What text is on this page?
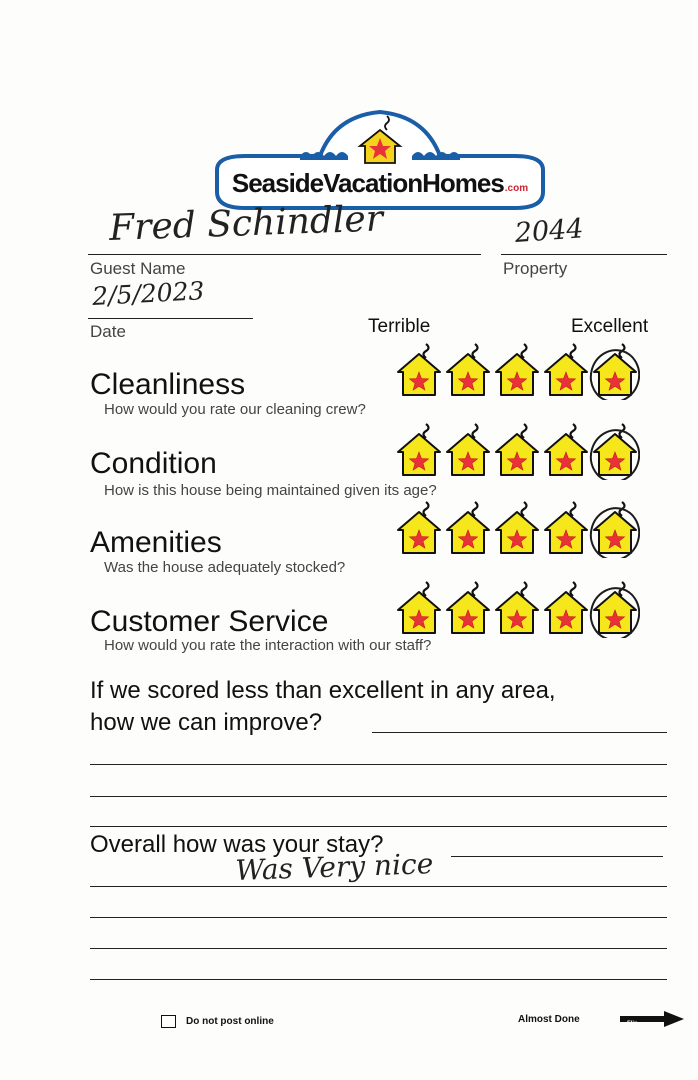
SeasideVacationHomes .com
Fred Schindler
Guest Name
2044
Property
2/5/2023
Date	Terrible	Excellent
Cleanliness
How would you rate our cleaning crew?
Condition
How is this house being maintained given its age?
Amenities
Was the house adequately stocked?
Customer Service
How would you rate the interaction with our staff?
If we scored less than excellent in any area,
how we can improve?
Overall how was your stay?
Was Very nice
Do not post online	Almost Done	Flip
